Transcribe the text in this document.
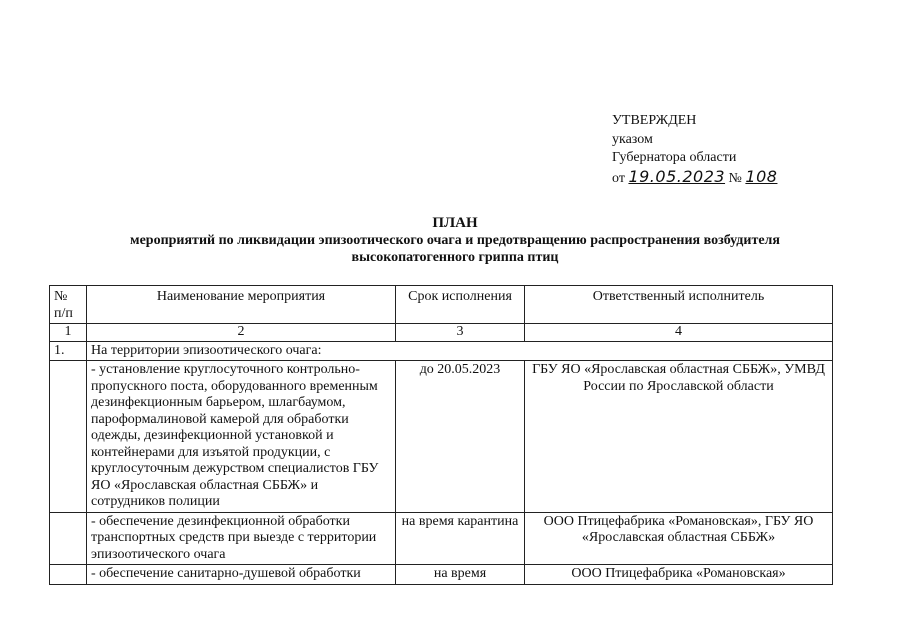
УТВЕРЖДЕН
указом
Губернатора области
от 19.05.2023 № 108
ПЛАН
мероприятий по ликвидации эпизоотического очага и предотвращению распространения возбудителя
высокопатогенного гриппа птиц
№ п/п	Наименование мероприятия	Срок исполнения	Ответственный исполнитель
1	2	3	4
1.	На территории эпизоотического очага:		
	- установление круглосуточного контрольно-пропускного поста, оборудованного временным дезинфекционным барьером, шлагбаумом, пароформалиновой камерой для обработки одежды, дезинфекционной установкой и контейнерами для изъятой продукции, с круглосуточным дежурством специалистов ГБУ ЯО «Ярославская областная СББЖ» и сотрудников полиции	до 20.05.2023	ГБУ ЯО «Ярославская областная СББЖ», УМВД России по Ярославской области
	- обеспечение дезинфекционной обработки транспортных средств при выезде с территории эпизоотического очага	на время карантина	ООО Птицефабрика «Романовская», ГБУ ЯО «Ярославская областная СББЖ»
	- обеспечение санитарно-душевой обработки	на время	ООО Птицефабрика «Романовская»
